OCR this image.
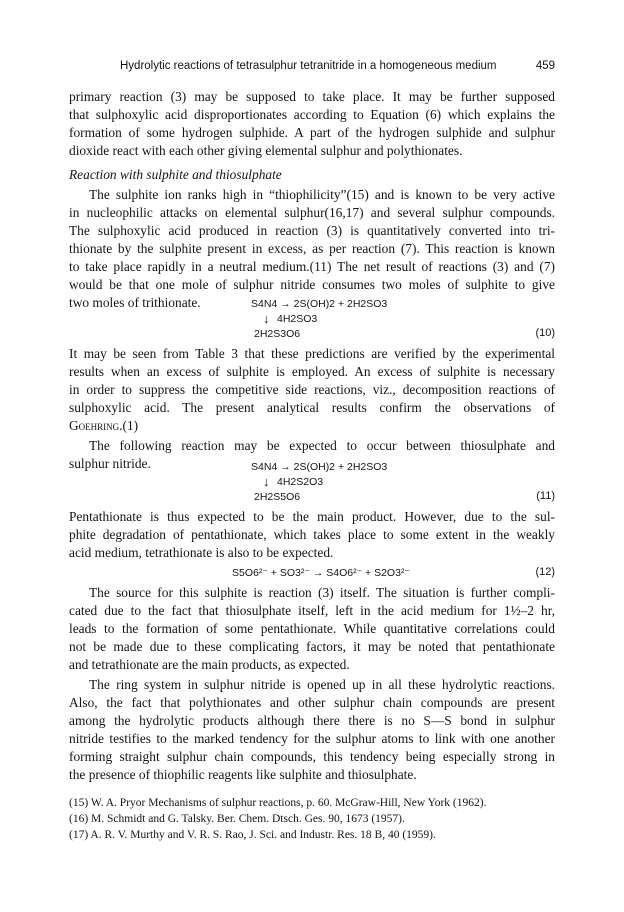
Hydrolytic reactions of tetrasulphur tetranitride in a homogeneous medium	459
primary reaction (3) may be supposed to take place. It may be further supposed
that sulphoxylic acid disproportionates according to Equation (6) which explains the
formation of some hydrogen sulphide. A part of the hydrogen sulphide and sulphur
dioxide react with each other giving elemental sulphur and polythionates.
Reaction with sulphite and thiosulphate
The sulphite ion ranks high in “thiophilicity”(15) and is known to be very active
in nucleophilic attacks on elemental sulphur(16,17) and several sulphur compounds.
The sulphoxylic acid produced in reaction (3) is quantitatively converted into tri-
thionate by the sulphite present in excess, as per reaction (7). This reaction is known
to take place rapidly in a neutral medium.(11) The net result of reactions (3) and (7)
would be that one mole of sulphur nitride consumes two moles of sulphite to give
two moles of trithionate.	S4N4 → 2S(OH)2 + 2H2SO3
↓ 4H2SO3
2H2S3O6	(10)
It may be seen from Table 3 that these predictions are verified by the experimental
results when an excess of sulphite is employed. An excess of sulphite is necessary
in order to suppress the competitive side reactions, viz., decomposition reactions of
sulphoxylic acid. The present analytical results confirm the observations of
Goehring.(1)
The following reaction may be expected to occur between thiosulphate and
sulphur nitride.	S4N4 → 2S(OH)2 + 2H2SO3
↓ 4H2S2O3
2H2S5O6	(11)
Pentathionate is thus expected to be the main product. However, due to the sul-
phite degradation of pentathionate, which takes place to some extent in the weakly
acid medium, tetrathionate is also to be expected.
S5O6²⁻ + SO3²⁻ → S4O6²⁻ + S2O3²⁻	(12)
The source for this sulphite is reaction (3) itself. The situation is further compli-
cated due to the fact that thiosulphate itself, left in the acid medium for 1½–2 hr,
leads to the formation of some pentathionate. While quantitative correlations could
not be made due to these complicating factors, it may be noted that pentathionate
and tetrathionate are the main products, as expected.
The ring system in sulphur nitride is opened up in all these hydrolytic reactions.
Also, the fact that polythionates and other sulphur chain compounds are present
among the hydrolytic products although there there is no S—S bond in sulphur
nitride testifies to the marked tendency for the sulphur atoms to link with one another
forming straight sulphur chain compounds, this tendency being especially strong in
the presence of thiophilic reagents like sulphite and thiosulphate.
(15) W. A. Pryor Mechanisms of sulphur reactions, p. 60. McGraw-Hill, New York (1962).
(16) M. Schmidt and G. Talsky. Ber. Chem. Dtsch. Ges. 90, 1673 (1957).
(17) A. R. V. Murthy and V. R. S. Rao, J. Sci. and Industr. Res. 18 B, 40 (1959).
